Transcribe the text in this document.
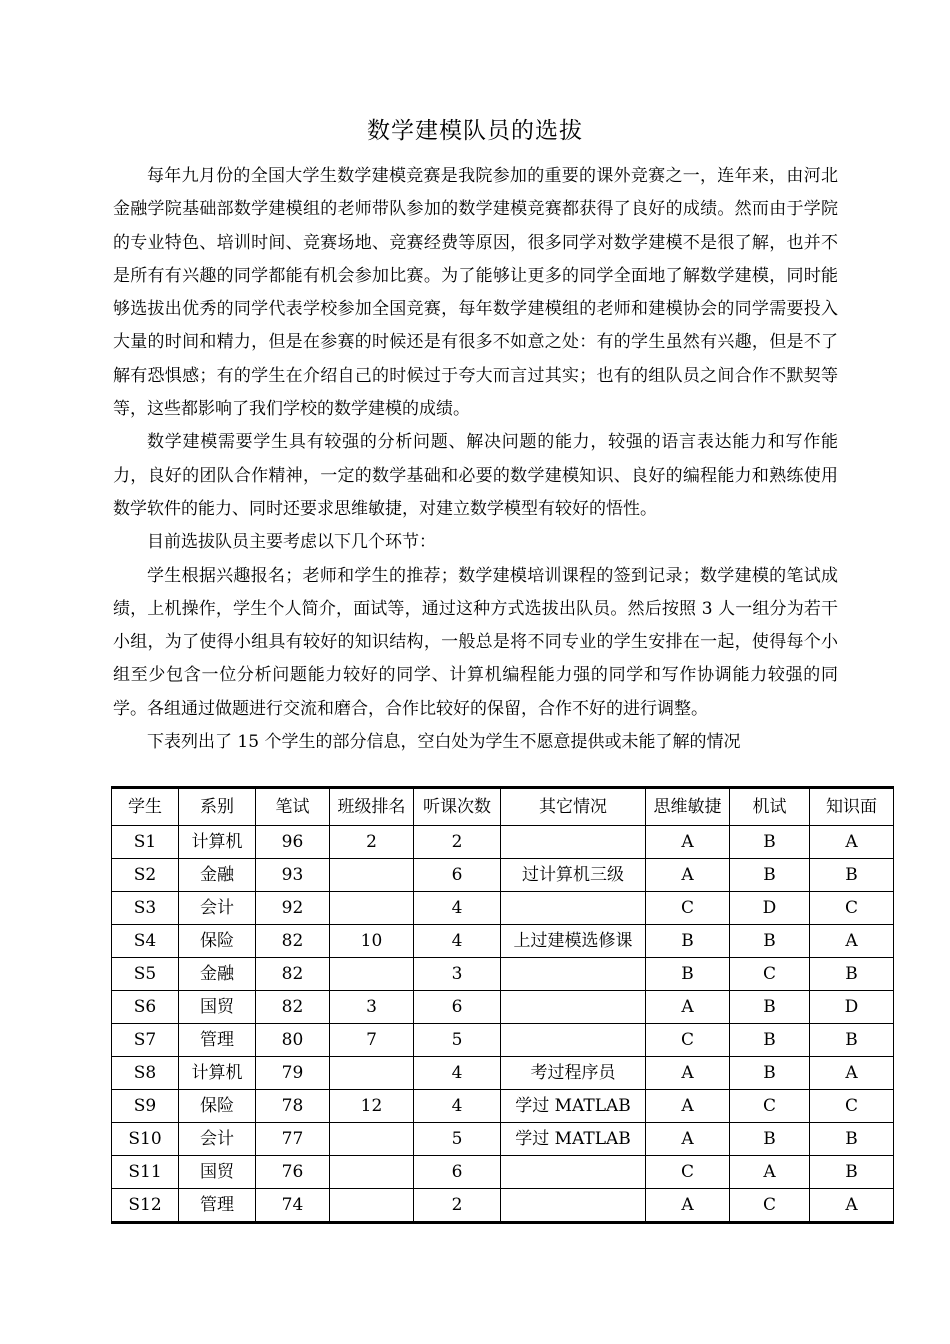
数学建模队员的选拔

每年九月份的全国大学生数学建模竞赛是我院参加的重要的课外竞赛之一，连年来，由河北金融学院基础部数学建模组的老师带队参加的数学建模竞赛都获得了良好的成绩。然而由于学院的专业特色、培训时间、竞赛场地、竞赛经费等原因，很多同学对数学建模不是很了解，也并不是所有有兴趣的同学都能有机会参加比赛。为了能够让更多的同学全面地了解数学建模，同时能够选拔出优秀的同学代表学校参加全国竞赛，每年数学建模组的老师和建模协会的同学需要投入大量的时间和精力，但是在参赛的时候还是有很多不如意之处：有的学生虽然有兴趣，但是不了解有恐惧感；有的学生在介绍自己的时候过于夸大而言过其实；也有的组队员之间合作不默契等等，这些都影响了我们学校的数学建模的成绩。

数学建模需要学生具有较强的分析问题、解决问题的能力，较强的语言表达能力和写作能力，良好的团队合作精神，一定的数学基础和必要的数学建模知识、良好的编程能力和熟练使用数学软件的能力、同时还要求思维敏捷，对建立数学模型有较好的悟性。

目前选拔队员主要考虑以下几个环节：

学生根据兴趣报名；老师和学生的推荐；数学建模培训课程的签到记录；数学建模的笔试成绩，上机操作，学生个人简介，面试等，通过这种方式选拔出队员。然后按照 3 人一组分为若干小组，为了使得小组具有较好的知识结构，一般总是将不同专业的学生安排在一起，使得每个小组至少包含一位分析问题能力较好的同学、计算机编程能力强的同学和写作协调能力较强的同学。各组通过做题进行交流和磨合，合作比较好的保留，合作不好的进行调整。

下表列出了 15 个学生的部分信息，空白处为学生不愿意提供或未能了解的情况

学生	系别	笔试	班级排名	听课次数	其它情况	思维敏捷	机试	知识面
S1	计算机	96	2	2		A	B	A
S2	金融	93		6	过计算机三级	A	B	B
S3	会计	92		4		C	D	C
S4	保险	82	10	4	上过建模选修课	B	B	A
S5	金融	82		3		B	C	B
S6	国贸	82	3	6		A	B	D
S7	管理	80	7	5		C	B	B
S8	计算机	79		4	考过程序员	A	B	A
S9	保险	78	12	4	学过 MATLAB	A	C	C
S10	会计	77		5	学过 MATLAB	A	B	B
S11	国贸	76		6		C	A	B
S12	管理	74		2		A	C	A
